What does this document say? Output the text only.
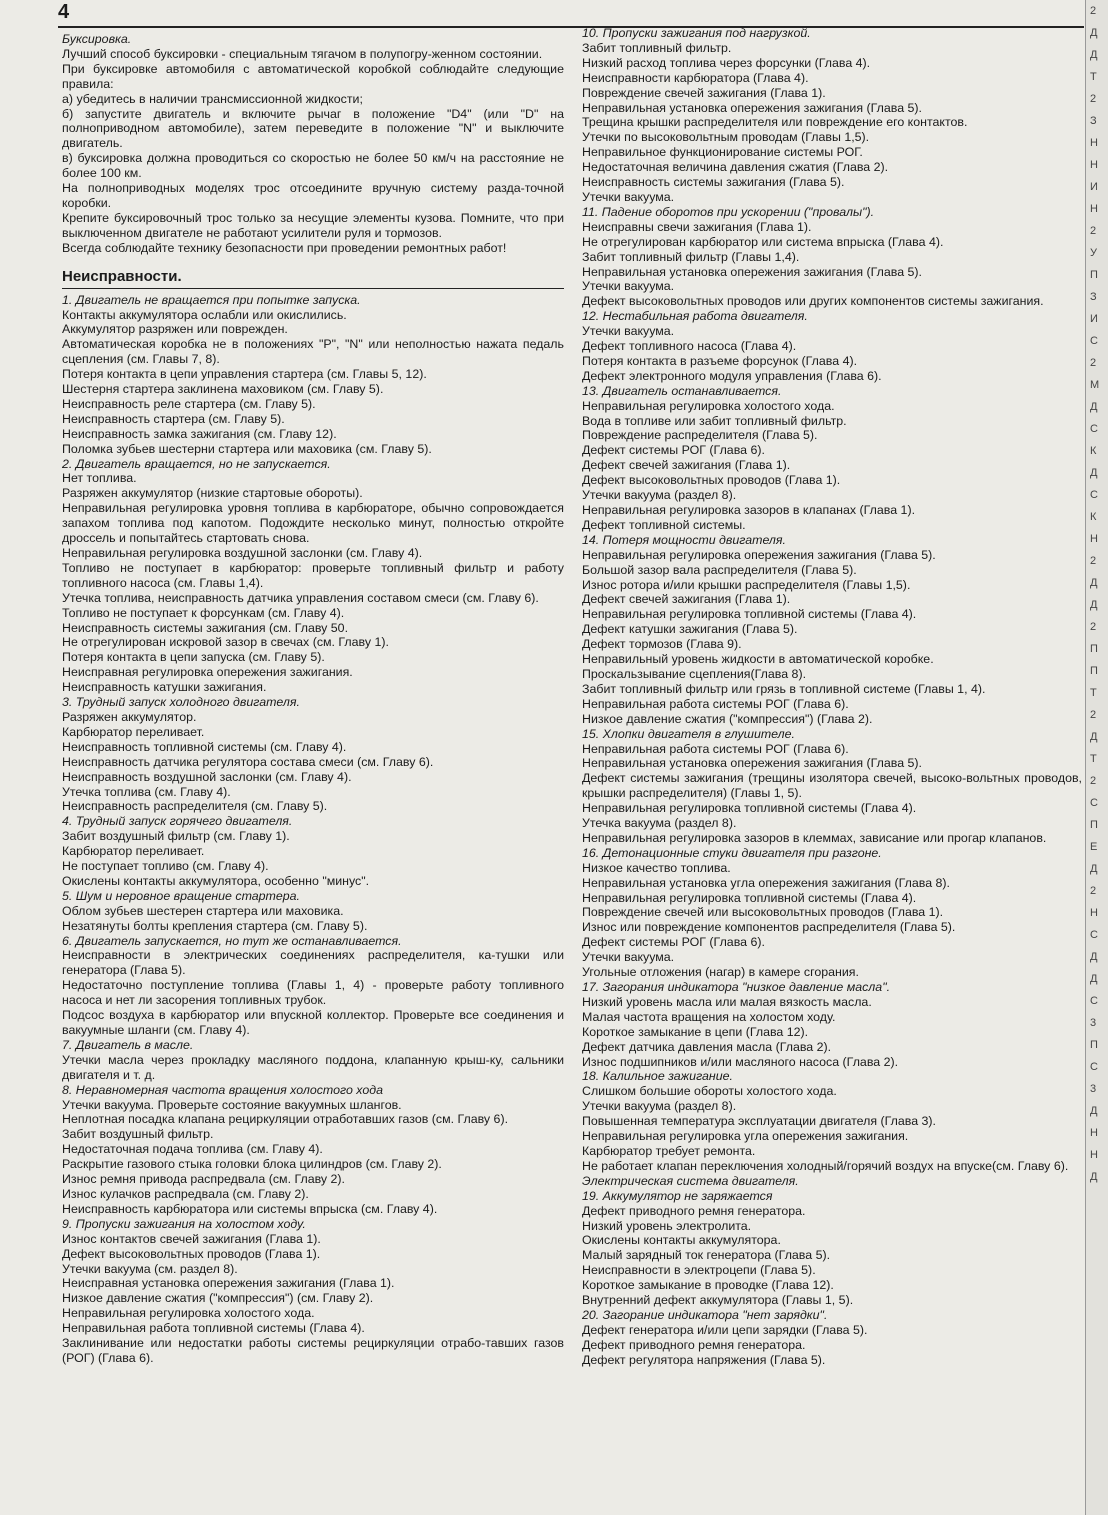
4

Буксировка.

Лучший способ буксировки - специальным тягачом в полупогру-женном состоянии.

При буксировке автомобиля с автоматической коробкой соблюдайте следующие правила:

а) убедитесь в наличии трансмиссионной жидкости;

б) запустите двигатель и включите рычаг в положение "D4" (или "D" на полноприводном автомобиле), затем переведите в положение "N" и выключите двигатель.

в) буксировка должна проводиться со скоростью не более 50 км/ч на расстояние не более 100 км.

На полноприводных моделях трос отсоедините вручную систему разда-точной коробки.

Крепите буксировочный трос только за несущие элементы кузова. Помните, что при выключенном двигателе не работают усилители руля и тормозов.

Всегда соблюдайте технику безопасности при проведении ремонтных работ!

Неисправности.

1. Двигатель не вращается при попытке запуска.

Контакты аккумулятора ослабли или окислились.

Аккумулятор разряжен или поврежден.

Автоматическая коробка не в положениях "P", "N" или неполностью нажата педаль сцепления (см. Главы 7, 8).

Потеря контакта в цепи управления стартера (см. Главы 5, 12).

Шестерня стартера заклинена маховиком (см. Главу 5).

Неисправность реле стартера (см. Главу 5).

Неисправность стартера (см. Главу 5).

Неисправность замка зажигания (см. Главу 12).

Поломка зубьев шестерни стартера или маховика (см. Главу 5).

2. Двигатель вращается, но не запускается.

Нет топлива.

Разряжен аккумулятор (низкие стартовые обороты).

Неправильная регулировка уровня топлива в карбюраторе, обычно сопровождается запахом топлива под капотом. Подождите несколько минут, полностью откройте дроссель и попытайтесь стартовать снова.

Неправильная регулировка воздушной заслонки (см. Главу 4).

Топливо не поступает в карбюратор: проверьте топливный фильтр и работу топливного насоса (см. Главы 1,4).

Утечка топлива, неисправность датчика управления составом смеси (см. Главу 6).

Топливо не поступает к форсункам (см. Главу 4).

Неисправность системы зажигания (см. Главу 50.

Не отрегулирован искровой зазор в свечах (см. Главу 1).

Потеря контакта в цепи запуска (см. Главу 5).

Неисправная регулировка опережения зажигания.

Неисправность катушки зажигания.

3. Трудный запуск холодного двигателя.

Разряжен аккумулятор.

Карбюратор переливает.

Неисправность топливной системы (см. Главу 4).

Неисправность датчика регулятора состава смеси (см. Главу 6).

Неисправность воздушной заслонки (см. Главу 4).

Утечка топлива (см. Главу 4).

Неисправность распределителя (см. Главу 5).

4. Трудный запуск горячего двигателя.

Забит воздушный фильтр (см. Главу 1).

Карбюратор переливает.

Не поступает топливо (см. Главу 4).

Окислены контакты аккумулятора, особенно "минус".

5. Шум и неровное вращение стартера.

Облом зубьев шестерен стартера или маховика.

Незатянуты болты крепления стартера (см. Главу 5).

6. Двигатель запускается, но тут же останавливается.

Неисправности в электрических соединениях распределителя, ка-тушки или генератора (Глава 5).

Недостаточно поступление топлива (Главы 1, 4) - проверьте работу топливного насоса и нет ли засорения топливных трубок.

Подсос воздуха в карбюратор или впускной коллектор. Проверьте все соединения и вакуумные шланги (см. Главу 4).

7. Двигатель в масле.

Утечки масла через прокладку масляного поддона, клапанную крыш-ку, сальники двигателя и т. д.

8. Неравномерная частота вращения холостого хода

Утечки вакуума. Проверьте состояние вакуумных шлангов.

Неплотная посадка клапана рециркуляции отработавших газов (см. Главу 6).

Забит воздушный фильтр.

Недостаточная подача топлива (см. Главу 4).

Раскрытие газового стыка головки блока цилиндров (см. Главу 2).

Износ ремня привода распредвала (см. Главу 2).

Износ кулачков распредвала (см. Главу 2).

Неисправность карбюратора или системы впрыска (см. Главу 4).

9. Пропуски зажигания на холостом ходу.

Износ контактов свечей зажигания (Глава 1).

Дефект высоковольтных проводов (Глава 1).

Утечки вакуума (см. раздел 8).

Неисправная установка опережения зажигания (Глава 1).

Низкое давление сжатия ("компрессия") (см. Главу 2).

Неправильная регулировка холостого хода.

Неправильная работа топливной системы (Глава 4).

Заклинивание или недостатки работы системы рециркуляции отрабо-тавших газов (РОГ) (Глава 6).

10. Пропуски зажигания под нагрузкой.

Забит топливный фильтр.

Низкий расход топлива через форсунки (Глава 4).

Неисправности карбюратора (Глава 4).

Повреждение свечей зажигания (Глава 1).

Неправильная установка опережения зажигания (Глава 5).

Трещина крышки распределителя или повреждение его контактов.

Утечки по высоковольтным проводам (Главы 1,5).

Неправильное функционирование системы РОГ.

Недостаточная величина давления сжатия (Глава 2).

Неисправность системы зажигания (Глава 5).

Утечки вакуума.

11. Падение оборотов при ускорении ("провалы").

Неисправны свечи зажигания (Глава 1).

Не отрегулирован карбюратор или система впрыска (Глава 4).

Забит топливный фильтр (Главы 1,4).

Неправильная установка опережения зажигания (Глава 5).

Утечки вакуума.

Дефект высоковольтных проводов или других компонентов системы зажигания.

12. Нестабильная работа двигателя.

Утечки вакуума.

Дефект топливного насоса (Глава 4).

Потеря контакта в разъеме форсунок (Глава 4).

Дефект электронного модуля управления (Глава 6).

13. Двигатель останавливается.

Неправильная регулировка холостого хода.

Вода в топливе или забит топливный фильтр.

Повреждение распределителя (Глава 5).

Дефект системы РОГ (Глава 6).

Дефект свечей зажигания (Глава 1).

Дефект высоковольтных проводов (Глава 1).

Утечки вакуума (раздел 8).

Неправильная регулировка зазоров в клапанах (Глава 1).

Дефект топливной системы.

14. Потеря мощности двигателя.

Неправильная регулировка опережения зажигания (Глава 5).

Большой зазор вала распределителя (Глава 5).

Износ ротора и/или крышки распределителя (Главы 1,5).

Дефект свечей зажигания (Глава 1).

Неправильная регулировка топливной системы (Глава 4).

Дефект катушки зажигания (Глава 5).

Дефект тормозов (Глава 9).

Неправильный уровень жидкости в автоматической коробке.

Проскальзывание сцепления(Глава 8).

Забит топливный фильтр или грязь в топливной системе (Главы 1, 4).

Неправильная работа системы РОГ (Глава 6).

Низкое давление сжатия ("компрессия") (Глава 2).

15. Хлопки двигателя в глушителе.

Неправильная работа системы РОГ (Глава 6).

Неправильная установка опережения зажигания (Глава 5).

Дефект системы зажигания (трещины изолятора свечей, высоко-вольтных проводов, крышки распределителя) (Главы 1, 5).

Неправильная регулировка топливной системы (Глава 4).

Утечка вакуума (раздел 8).

Неправильная регулировка зазоров в клеммах, зависание или прогар клапанов.

16. Детонационные стуки двигателя при разгоне.

Низкое качество топлива.

Неправильная установка угла опережения зажигания (Глава 8).

Неправильная регулировка топливной системы (Глава 4).

Повреждение свечей или высоковольтных проводов (Глава 1).

Износ или повреждение компонентов распределителя (Глава 5).

Дефект системы РОГ (Глава 6).

Утечки вакуума.

Угольные отложения (нагар) в камере сгорания.

17. Загорания индикатора "низкое давление масла".

Низкий уровень масла или малая вязкость масла.

Малая частота вращения на холостом ходу.

Короткое замыкание в цепи (Глава 12).

Дефект датчика давления масла (Глава 2).

Износ подшипников и/или масляного насоса (Глава 2).

18. Калильное зажигание.

Слишком большие обороты холостого хода.

Утечки вакуума (раздел 8).

Повышенная температура эксплуатации двигателя (Глава 3).

Неправильная регулировка угла опережения зажигания.

Карбюратор требует ремонта.

Не работает клапан переключения холодный/горячий воздух на впуске(см. Главу 6).

Электрическая система двигателя.

19. Аккумулятор не заряжается

Дефект приводного ремня генератора.

Низкий уровень электролита.

Окислены контакты аккумулятора.

Малый зарядный ток генератора (Глава 5).

Неисправности в электроцепи (Глава 5).

Короткое замыкание в проводке (Глава 12).

Внутренний дефект аккумулятора (Главы 1, 5).

20. Загорание индикатора "нет зарядки".

Дефект генератора и/или цепи зарядки (Глава 5).

Дефект приводного ремня генератора.

Дефект регулятора напряжения (Глава 5).

2
Д
Д
Т
2
З
Н
Н
И
Н
2
У
П
З
И
С
2
М
Д
С
К
Д
С
К
Н
2
Д
Д
2
П
П
Т
2
Д
Т
2
С
П
Е
Д
2
Н
С
Д
Д
С
3
П
С
3
Д
Н
Н
Д
